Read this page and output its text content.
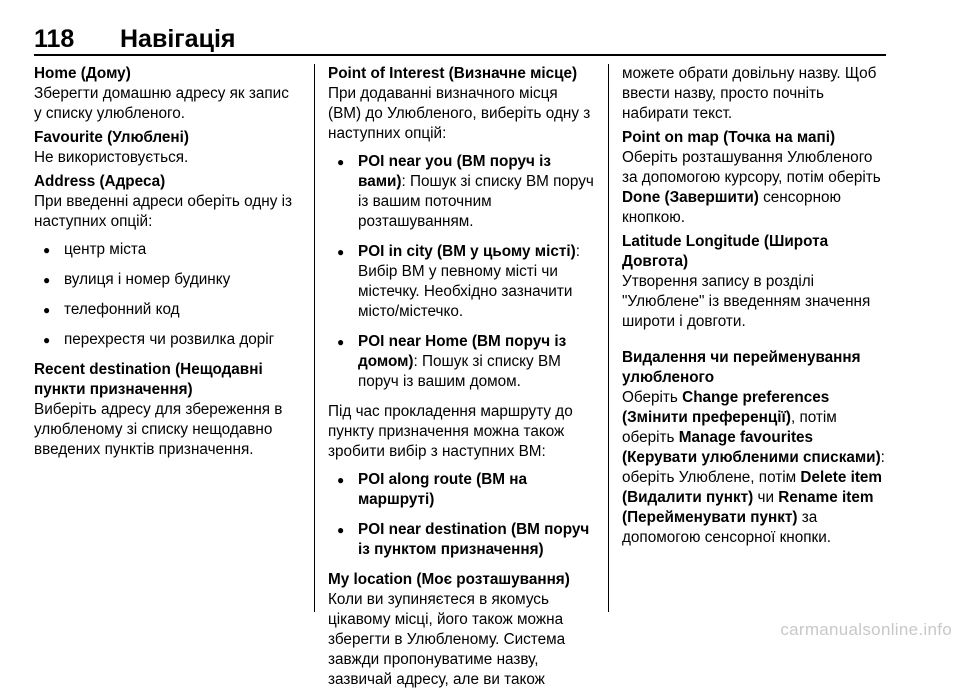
118 Навігація
Home (Дому)
Зберегти домашню адресу як запис у списку улюбленого.
Favourite (Улюблені)
Не використовується.
Address (Адреса)
При введенні адреси оберіть одну із наступних опцій:
● центр міста
● вулиця і номер будинку
● телефонний код
● перехрестя чи розвилка доріг
Recent destination (Нещодавні пункти призначення)
Виберіть адресу для збереження в улюбленому зі списку нещодавно введених пунктів призначення.
Point of Interest (Визначне місце)
При додаванні визначного місця (ВМ) до Улюбленого, виберіть одну з наступних опцій:
● POI near you (ВМ поруч із вами): Пошук зі списку ВМ поруч із вашим поточним розташуванням.
● POI in city (ВМ у цьому місті): Вибір ВМ у певному місті чи містечку. Необхідно зазначити місто/містечко.
● POI near Home (ВМ поруч із домом): Пошук зі списку ВМ поруч із вашим домом.
Під час прокладення маршруту до пункту призначення можна також зробити вибір з наступних ВМ:
● POI along route (ВМ на маршруті)
● POI near destination (ВМ поруч із пунктом призначення)
My location (Моє розташування)
Коли ви зупиняєтеся в якомусь цікавому місці, його також можна зберегти в Улюбленому. Система завжди пропонуватиме назву, зазвичай адресу, але ви також
можете обрати довільну назву. Щоб ввести назву, просто почніть набирати текст.
Point on map (Точка на мапі)
Оберіть розташування Улюбленого за допомогою курсору, потім оберіть Done (Завершити) сенсорною кнопкою.
Latitude Longitude (Широта Довгота)
Утворення запису в розділі "Улюблене" із введенням значення широти і довготи.
Видалення чи перейменування улюбленого
Оберіть Change preferences (Змінити преференції), потім оберіть Manage favourites (Керувати улюбленими списками): оберіть Улюблене, потім Delete item (Видалити пункт) чи Rename item (Перейменувати пункт) за допомогою сенсорної кнопки.
carmanualsonline.info
